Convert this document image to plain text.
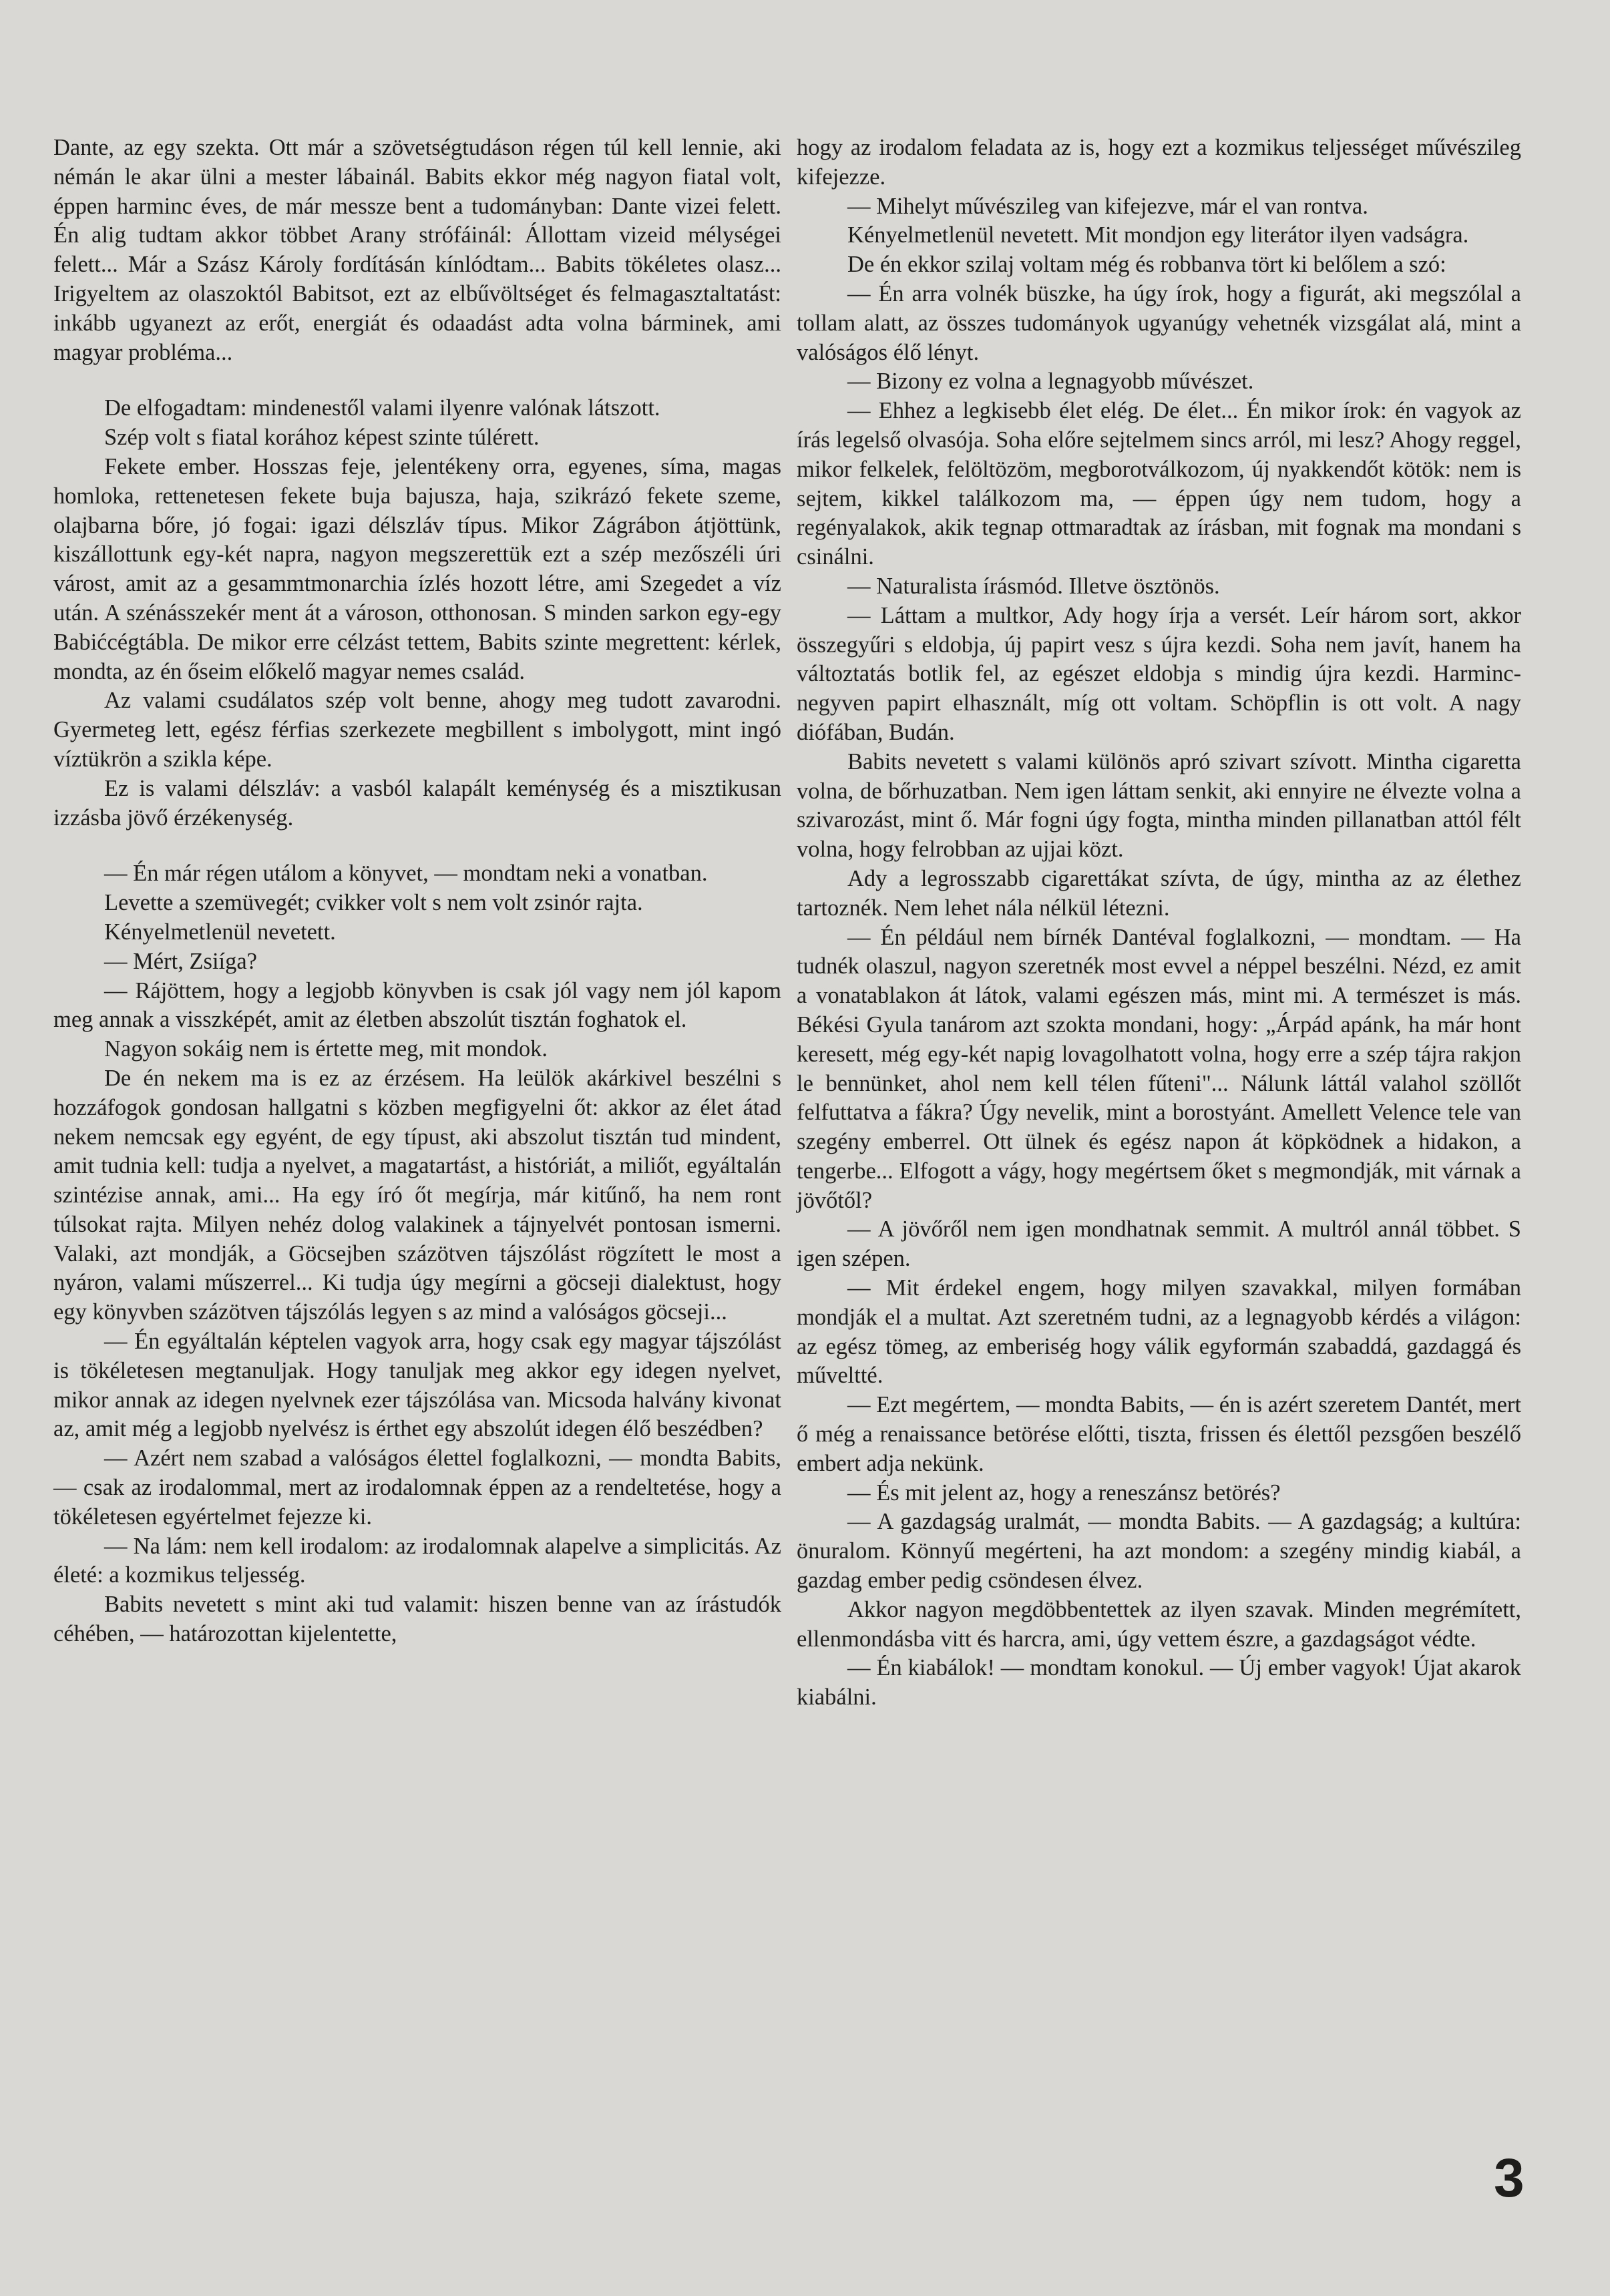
Dante, az egy szekta. Ott már a szövetségtudáson régen túl kell lennie, aki némán le akar ülni a mester lábainál. Babits ekkor még nagyon fiatal volt, éppen harminc éves, de már messze bent a tudományban: Dante vizei felett. Én alig tudtam akkor többet Arany strófáinál: Állottam vizeid mélységei felett... Már a Szász Károly fordításán kínlódtam... Babits tökéletes olasz... Irigyeltem az olaszoktól Babitsot, ezt az elbűvöltséget és felmagasztaltatást: inkább ugyanezt az erőt, energiát és odaadást adta volna bárminek, ami magyar probléma...

De elfogadtam: mindenestől valami ilyenre valónak látszott.

Szép volt s fiatal korához képest szinte túlérett.

Fekete ember. Hosszas feje, jelentékeny orra, egyenes, síma, magas homloka, rettenetesen fekete buja bajusza, haja, szikrázó fekete szeme, olajbarna bőre, jó fogai: igazi délszláv típus. Mikor Zágrábon átjöttünk, kiszállottunk egy-két napra, nagyon megszerettük ezt a szép mezőszéli úri várost, amit az a gesammtmonarchia ízlés hozott létre, ami Szegedet a víz után. A szénásszekér ment át a városon, otthonosan. S minden sarkon egy-egy Babićcégtábla. De mikor erre célzást tettem, Babits szinte megrettent: kérlek, mondta, az én őseim előkelő magyar nemes család.

Az valami csudálatos szép volt benne, ahogy meg tudott zavarodni. Gyermeteg lett, egész férfias szerkezete megbillent s imbolygott, mint ingó víztükrön a szikla képe.

Ez is valami délszláv: a vasból kalapált keménység és a misztikusan izzásba jövő érzékenység.

— Én már régen utálom a könyvet, — mondtam neki a vonatban.

Levette a szemüvegét; cvikker volt s nem volt zsinór rajta.

Kényelmetlenül nevetett.

— Mért, Zsiíga?

— Rájöttem, hogy a legjobb könyvben is csak jól vagy nem jól kapom meg annak a visszképét, amit az életben abszolút tisztán foghatok el.

Nagyon sokáig nem is értette meg, mit mondok.

De én nekem ma is ez az érzésem. Ha leülök akárkivel beszélni s hozzáfogok gondosan hallgatni s közben megfigyelni őt: akkor az élet átad nekem nemcsak egy egyént, de egy típust, aki abszolut tisztán tud mindent, amit tudnia kell: tudja a nyelvet, a magatartást, a históriát, a miliőt, egyáltalán szintézise annak, ami... Ha egy író őt megírja, már kitűnő, ha nem ront túlsokat rajta. Milyen nehéz dolog valakinek a tájnyelvét pontosan ismerni. Valaki, azt mondják, a Göcsejben százötven tájszólást rögzített le most a nyáron, valami műszerrel... Ki tudja úgy megírni a göcseji dialektust, hogy egy könyvben százötven tájszólás legyen s az mind a valóságos göcseji...

— Én egyáltalán képtelen vagyok arra, hogy csak egy magyar tájszólást is tökéletesen megtanuljak. Hogy tanuljak meg akkor egy idegen nyelvet, mikor annak az idegen nyelvnek ezer tájszólása van. Micsoda halvány kivonat az, amit még a legjobb nyelvész is érthet egy abszolút idegen élő beszédben?

— Azért nem szabad a valóságos élettel foglalkozni, — mondta Babits, — csak az irodalommal, mert az irodalomnak éppen az a rendeltetése, hogy a tökéletesen egyértelmet fejezze ki.

— Na lám: nem kell irodalom: az irodalomnak alapelve a simplicitás. Az életé: a kozmikus teljesség.

Babits nevetett s mint aki tud valamit: hiszen benne van az írástudók céhében, — határozottan kijelentette,

hogy az irodalom feladata az is, hogy ezt a kozmikus teljességet művészileg kifejezze.

— Mihelyt művészileg van kifejezve, már el van rontva.

Kényelmetlenül nevetett. Mit mondjon egy literátor ilyen vadságra.

De én ekkor szilaj voltam még és robbanva tört ki belőlem a szó:

— Én arra volnék büszke, ha úgy írok, hogy a figurát, aki megszólal a tollam alatt, az összes tudományok ugyanúgy vehetnék vizsgálat alá, mint a valóságos élő lényt.

— Bizony ez volna a legnagyobb művészet.

— Ehhez a legkisebb élet elég. De élet... Én mikor írok: én vagyok az írás legelső olvasója. Soha előre sejtelmem sincs arról, mi lesz? Ahogy reggel, mikor felkelek, felöltözöm, megborotválkozom, új nyakkendőt kötök: nem is sejtem, kikkel találkozom ma, — éppen úgy nem tudom, hogy a regényalakok, akik tegnap ottmaradtak az írásban, mit fognak ma mondani s csinálni.

— Naturalista írásmód. Illetve ösztönös.

— Láttam a multkor, Ady hogy írja a versét. Leír három sort, akkor összegyűri s eldobja, új papirt vesz s újra kezdi. Soha nem javít, hanem ha változtatás botlik fel, az egészet eldobja s mindig újra kezdi. Harminc-negyven papirt elhasznált, míg ott voltam. Schöpflin is ott volt. A nagy diófában, Budán.

Babits nevetett s valami különös apró szivart szívott. Mintha cigaretta volna, de bőrhuzatban. Nem igen láttam senkit, aki ennyire ne élvezte volna a szivarozást, mint ő. Már fogni úgy fogta, mintha minden pillanatban attól félt volna, hogy felrobban az ujjai közt.

Ady a legrosszabb cigarettákat szívta, de úgy, mintha az az élethez tartoznék. Nem lehet nála nélkül létezni.

— Én például nem bírnék Dantéval foglalkozni, — mondtam. — Ha tudnék olaszul, nagyon szeretnék most evvel a néppel beszélni. Nézd, ez amit a vonatablakon át látok, valami egészen más, mint mi. A természet is más. Békési Gyula tanárom azt szokta mondani, hogy: „Árpád apánk, ha már hont keresett, még egy-két napig lovagolhatott volna, hogy erre a szép tájra rakjon le bennünket, ahol nem kell télen fűteni"... Nálunk láttál valahol szöllőt felfuttatva a fákra? Úgy nevelik, mint a borostyánt. Amellett Velence tele van szegény emberrel. Ott ülnek és egész napon át köpködnek a hidakon, a tengerbe... Elfogott a vágy, hogy megértsem őket s megmondják, mit várnak a jövőtől?

— A jövőről nem igen mondhatnak semmit. A multról annál többet. S igen szépen.

— Mit érdekel engem, hogy milyen szavakkal, milyen formában mondják el a multat. Azt szeretném tudni, az a legnagyobb kérdés a világon: az egész tömeg, az emberiség hogy válik egyformán szabaddá, gazdaggá és műveltté.

— Ezt megértem, — mondta Babits, — én is azért szeretem Dantét, mert ő még a renaissance betörése előtti, tiszta, frissen és élettől pezsgően beszélő embert adja nekünk.

— És mit jelent az, hogy a reneszánsz betörés?

— A gazdagság uralmát, — mondta Babits. — A gazdagság; a kultúra: önuralom. Könnyű megérteni, ha azt mondom: a szegény mindig kiabál, a gazdag ember pedig csöndesen élvez.

Akkor nagyon megdöbbentettek az ilyen szavak. Minden megrémített, ellenmondásba vitt és harcra, ami, úgy vettem észre, a gazdagságot védte.

— Én kiabálok! — mondtam konokul. — Új ember vagyok! Újat akarok kiabálni.

3
